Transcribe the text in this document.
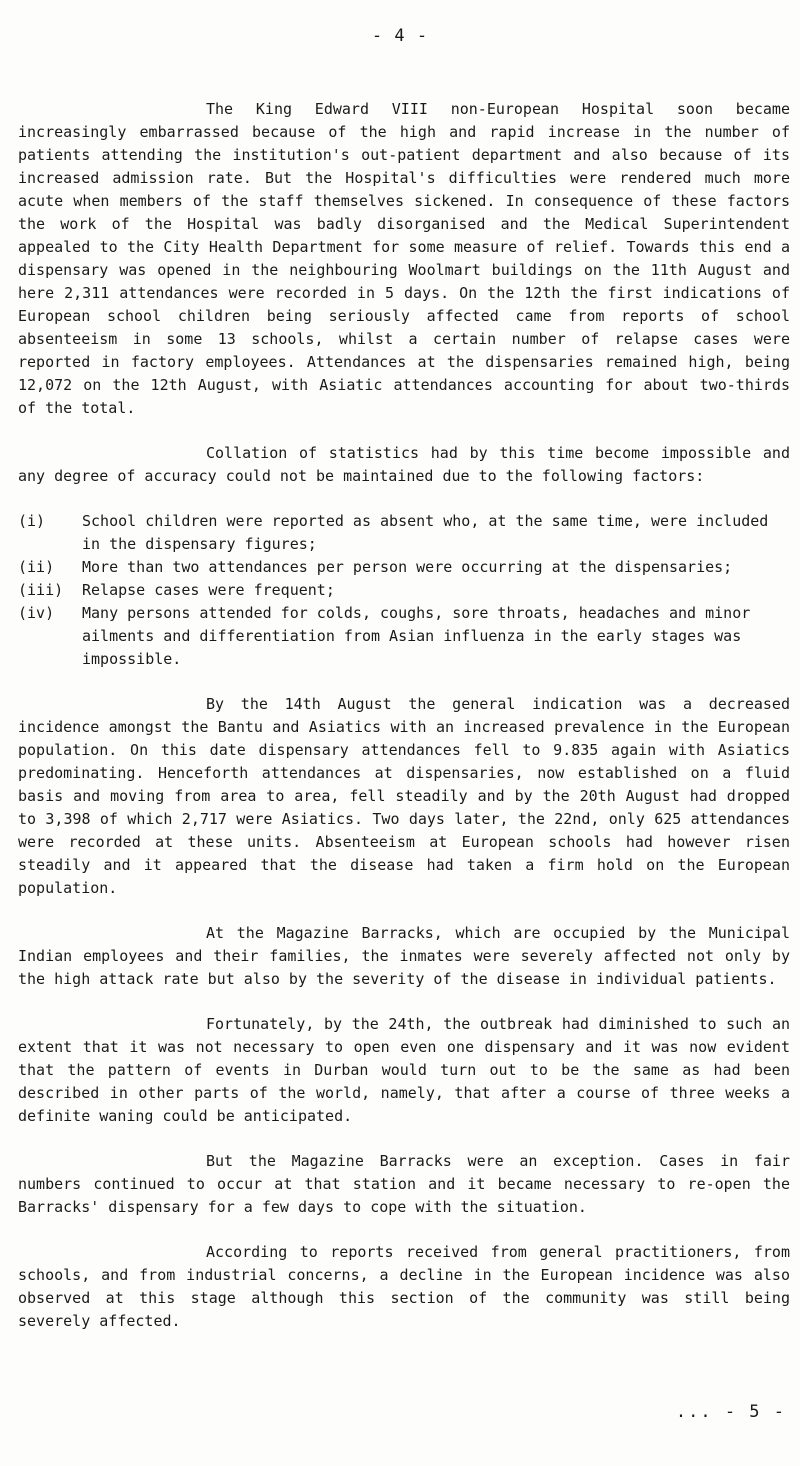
- 4 -

The King Edward VIII non-European Hospital soon became increasingly embarrassed because of the high and rapid increase in the number of patients attending the institution's out-patient department and also because of its increased admission rate. But the Hospital's difficulties were rendered much more acute when members of the staff themselves sickened. In consequence of these factors the work of the Hospital was badly disorganised and the Medical Superintendent appealed to the City Health Department for some measure of relief. Towards this end a dispensary was opened in the neighbouring Woolmart buildings on the 11th August and here 2,311 attendances were recorded in 5 days. On the 12th the first indications of European school children being seriously affected came from reports of school absenteeism in some 13 schools, whilst a certain number of relapse cases were reported in factory employees. Attendances at the dispensaries remained high, being 12,072 on the 12th August, with Asiatic attendances accounting for about two-thirds of the total.

Collation of statistics had by this time become impossible and any degree of accuracy could not be maintained due to the following factors:

(i)	School children were reported as absent who, at the same time, were included in the dispensary figures;
(ii)	More than two attendances per person were occurring at the dispensaries;
(iii)	Relapse cases were frequent;
(iv)	Many persons attended for colds, coughs, sore throats, headaches and minor ailments and differentiation from Asian influenza in the early stages was impossible.

By the 14th August the general indication was a decreased incidence amongst the Bantu and Asiatics with an increased prevalence in the European population. On this date dispensary attendances fell to 9.835 again with Asiatics predominating. Henceforth attendances at dispensaries, now established on a fluid basis and moving from area to area, fell steadily and by the 20th August had dropped to 3,398 of which 2,717 were Asiatics. Two days later, the 22nd, only 625 attendances were recorded at these units. Absenteeism at European schools had however risen steadily and it appeared that the disease had taken a firm hold on the European population.

At the Magazine Barracks, which are occupied by the Municipal Indian employees and their families, the inmates were severely affected not only by the high attack rate but also by the severity of the disease in individual patients.

Fortunately, by the 24th, the outbreak had diminished to such an extent that it was not necessary to open even one dispensary and it was now evident that the pattern of events in Durban would turn out to be the same as had been described in other parts of the world, namely, that after a course of three weeks a definite waning could be anticipated.

But the Magazine Barracks were an exception. Cases in fair numbers continued to occur at that station and it became necessary to re-open the Barracks' dispensary for a few days to cope with the situation.

According to reports received from general practitioners, from schools, and from industrial concerns, a decline in the European incidence was also observed at this stage although this section of the community was still being severely affected.

... - 5 -
